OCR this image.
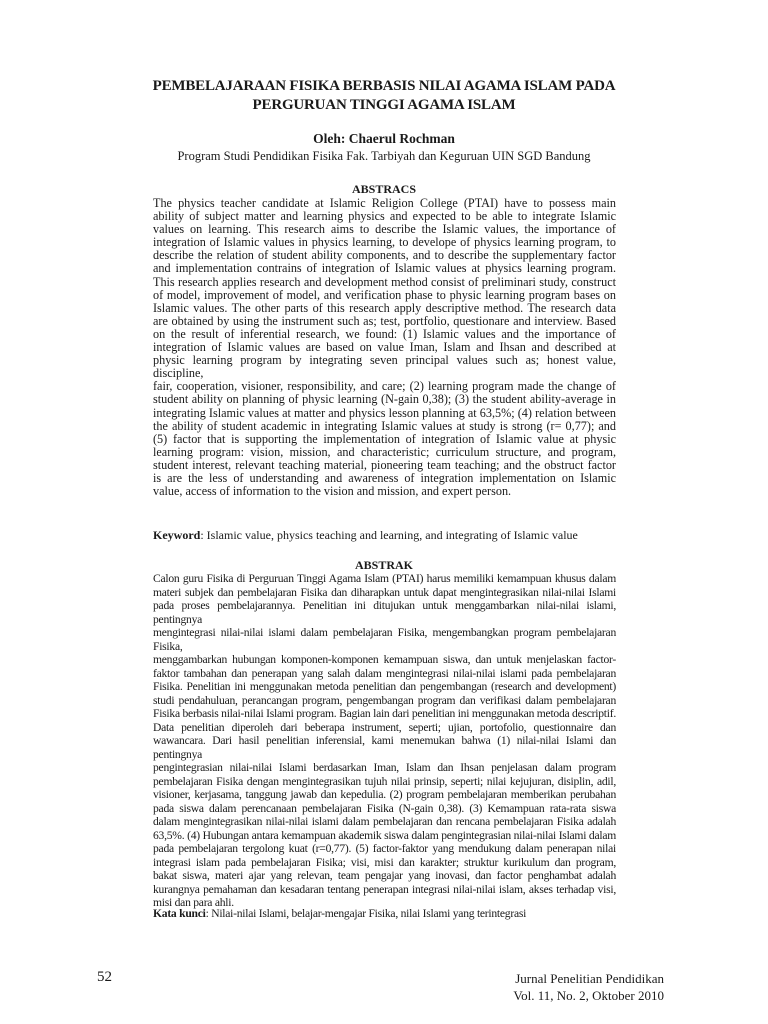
PEMBELAJARAAN FISIKA BERBASIS NILAI AGAMA ISLAM PADA
PERGURUAN TINGGI AGAMA ISLAM
Oleh: Chaerul Rochman
Program Studi Pendidikan Fisika Fak. Tarbiyah dan Keguruan UIN SGD Bandung
ABSTRACS
The physics teacher candidate at Islamic Religion College (PTAI) have to possess main
ability of subject matter and learning physics and expected to be able to integrate Islamic
values on learning. This research aims to describe the Islamic values, the importance of
integration of Islamic values in physics learning, to develope of physics learning program, to
describe the relation of student ability components, and to describe the supplementary factor
and implementation contrains of integration of Islamic values at physics learning program.
This research applies research and development method consist of preliminari study, construct
of model, improvement of model, and verification phase to physic learning program bases on
Islamic values. The other parts of this research apply descriptive method. The research data
are obtained by using the instrument such as; test, portfolio, questionare and interview. Based
on the result of inferential research, we found: (1) Islamic values and the importance of
integration of Islamic values are based on value Iman, Islam and Ihsan and described at
physic learning program by integrating seven principal values such as; honest value, discipline,
fair, cooperation, visioner, responsibility, and care; (2) learning program made the change of
student ability on planning of physic learning (N-gain 0,38); (3) the student ability-average in
integrating Islamic values at matter and physics lesson planning at 63,5%; (4) relation between
the ability of student academic in integrating Islamic values at study is strong (r= 0,77); and
(5) factor that is supporting the implementation of integration of Islamic value at physic
learning program: vision, mission, and characteristic; curriculum structure, and program,
student interest, relevant teaching material, pioneering team teaching; and the obstruct factor
is are the less of understanding and awareness of integration implementation on Islamic
value, access of information to the vision and mission, and expert person.
Keyword: Islamic value, physics teaching and learning, and integrating of Islamic value
ABSTRAK
Calon guru Fisika di Perguruan Tinggi Agama Islam (PTAI) harus memiliki kemampuan khusus dalam
materi subjek dan pembelajaran Fisika dan diharapkan untuk dapat mengintegrasikan nilai-nilai Islami
pada proses pembelajarannya. Penelitian ini ditujukan untuk menggambarkan nilai-nilai islami, pentingnya
mengintegrasi nilai-nilai islami dalam pembelajaran Fisika, mengembangkan program pembelajaran Fisika,
menggambarkan hubungan komponen-komponen kemampuan siswa, dan untuk menjelaskan factor-
faktor tambahan dan penerapan yang salah dalam mengintegrasi nilai-nilai islami pada pembelajaran
Fisika. Penelitian ini menggunakan metoda penelitian dan pengembangan (research and development)
studi pendahuluan, perancangan program, pengembangan program dan verifikasi dalam pembelajaran
Fisika berbasis nilai-nilai Islami program. Bagian lain dari penelitian ini menggunakan metoda descriptif.
Data penelitian diperoleh dari beberapa instrument, seperti; ujian, portofolio, questionnaire dan
wawancara. Dari hasil penelitian inferensial, kami menemukan bahwa (1) nilai-nilai Islami dan pentingnya
pengintegrasian nilai-nilai Islami berdasarkan Iman, Islam dan Ihsan penjelasan dalam program
pembelajaran Fisika dengan mengintegrasikan tujuh nilai prinsip, seperti; nilai kejujuran, disiplin, adil,
visioner, kerjasama, tanggung jawab dan kepedulia. (2) program pembelajaran memberikan perubahan
pada siswa dalam perencanaan pembelajaran Fisika (N-gain 0,38). (3) Kemampuan rata-rata siswa
dalam mengintegrasikan nilai-nilai islami dalam pembelajaran dan rencana pembelajaran Fisika adalah
63,5%. (4) Hubungan antara kemampuan akademik siswa dalam pengintegrasian nilai-nilai Islami dalam
pada pembelajaran tergolong kuat (r=0,77). (5) factor-faktor yang mendukung dalam penerapan nilai
integrasi islam pada pembelajaran Fisika; visi, misi dan karakter; struktur kurikulum dan program,
bakat siswa, materi ajar yang relevan, team pengajar yang inovasi, dan factor penghambat adalah
kurangnya pemahaman dan kesadaran tentang penerapan integrasi nilai-nilai islam, akses terhadap visi,
misi dan para ahli.
Kata kunci: Nilai-nilai Islami, belajar-mengajar Fisika, nilai Islami yang terintegrasi
52	Jurnal Penelitian Pendidikan
Vol. 11, No. 2, Oktober 2010
